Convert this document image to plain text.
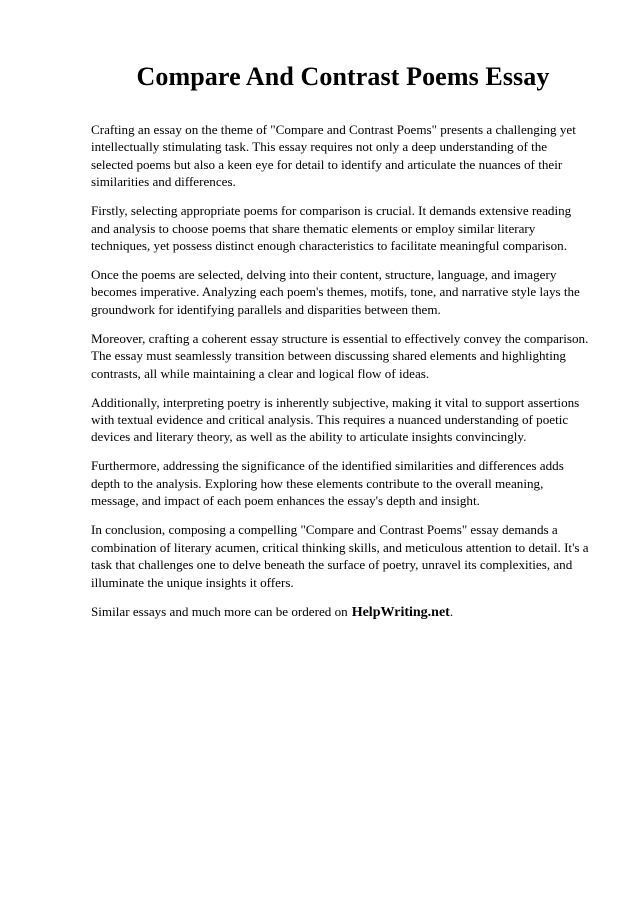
Compare And Contrast Poems Essay

Crafting an essay on the theme of "Compare and Contrast Poems" presents a challenging yet intellectually stimulating task. This essay requires not only a deep understanding of the selected poems but also a keen eye for detail to identify and articulate the nuances of their similarities and differences.

Firstly, selecting appropriate poems for comparison is crucial. It demands extensive reading and analysis to choose poems that share thematic elements or employ similar literary techniques, yet possess distinct enough characteristics to facilitate meaningful comparison.

Once the poems are selected, delving into their content, structure, language, and imagery becomes imperative. Analyzing each poem's themes, motifs, tone, and narrative style lays the groundwork for identifying parallels and disparities between them.

Moreover, crafting a coherent essay structure is essential to effectively convey the comparison. The essay must seamlessly transition between discussing shared elements and highlighting contrasts, all while maintaining a clear and logical flow of ideas.

Additionally, interpreting poetry is inherently subjective, making it vital to support assertions with textual evidence and critical analysis. This requires a nuanced understanding of poetic devices and literary theory, as well as the ability to articulate insights convincingly.

Furthermore, addressing the significance of the identified similarities and differences adds depth to the analysis. Exploring how these elements contribute to the overall meaning, message, and impact of each poem enhances the essay's depth and insight.

In conclusion, composing a compelling "Compare and Contrast Poems" essay demands a combination of literary acumen, critical thinking skills, and meticulous attention to detail. It's a task that challenges one to delve beneath the surface of poetry, unravel its complexities, and illuminate the unique insights it offers.

Similar essays and much more can be ordered on HelpWriting.net.
